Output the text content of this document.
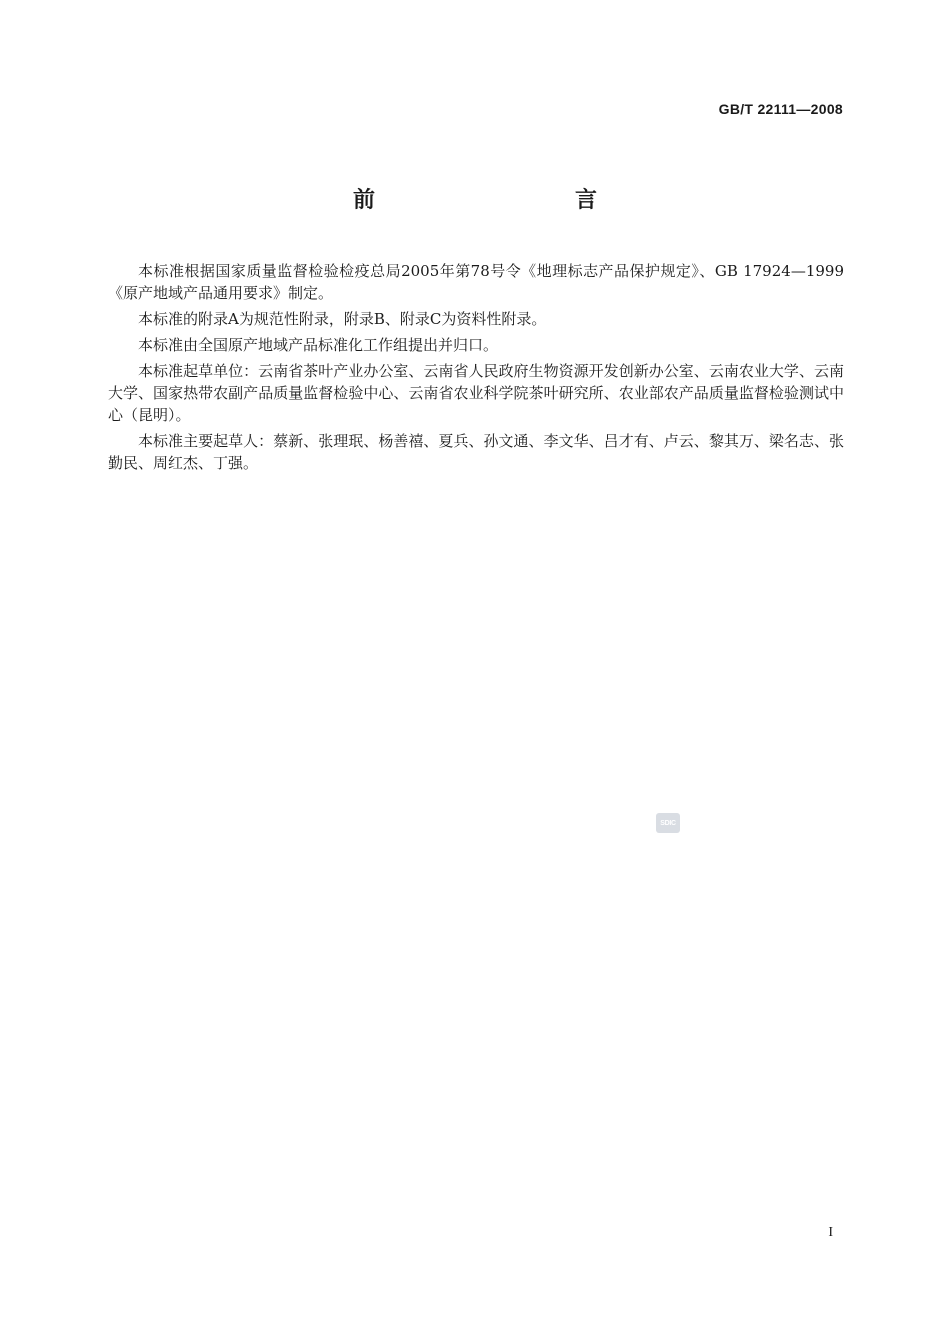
GB/T 22111—2008
前　　言

本标准根据国家质量监督检验检疫总局2005年第78号令《地理标志产品保护规定》、GB 17924—1999《原产地域产品通用要求》制定。

本标准的附录A为规范性附录，附录B、附录C为资料性附录。

本标准由全国原产地域产品标准化工作组提出并归口。

本标准起草单位：云南省茶叶产业办公室、云南省人民政府生物资源开发创新办公室、云南农业大学、云南大学、国家热带农副产品质量监督检验中心、云南省农业科学院茶叶研究所、农业部农产品质量监督检验测试中心（昆明）。

本标准主要起草人：蔡新、张理珉、杨善禧、夏兵、孙文通、李文华、吕才有、卢云、黎其万、梁名志、张勤民、周红杰、丁强。

SDIC
I
